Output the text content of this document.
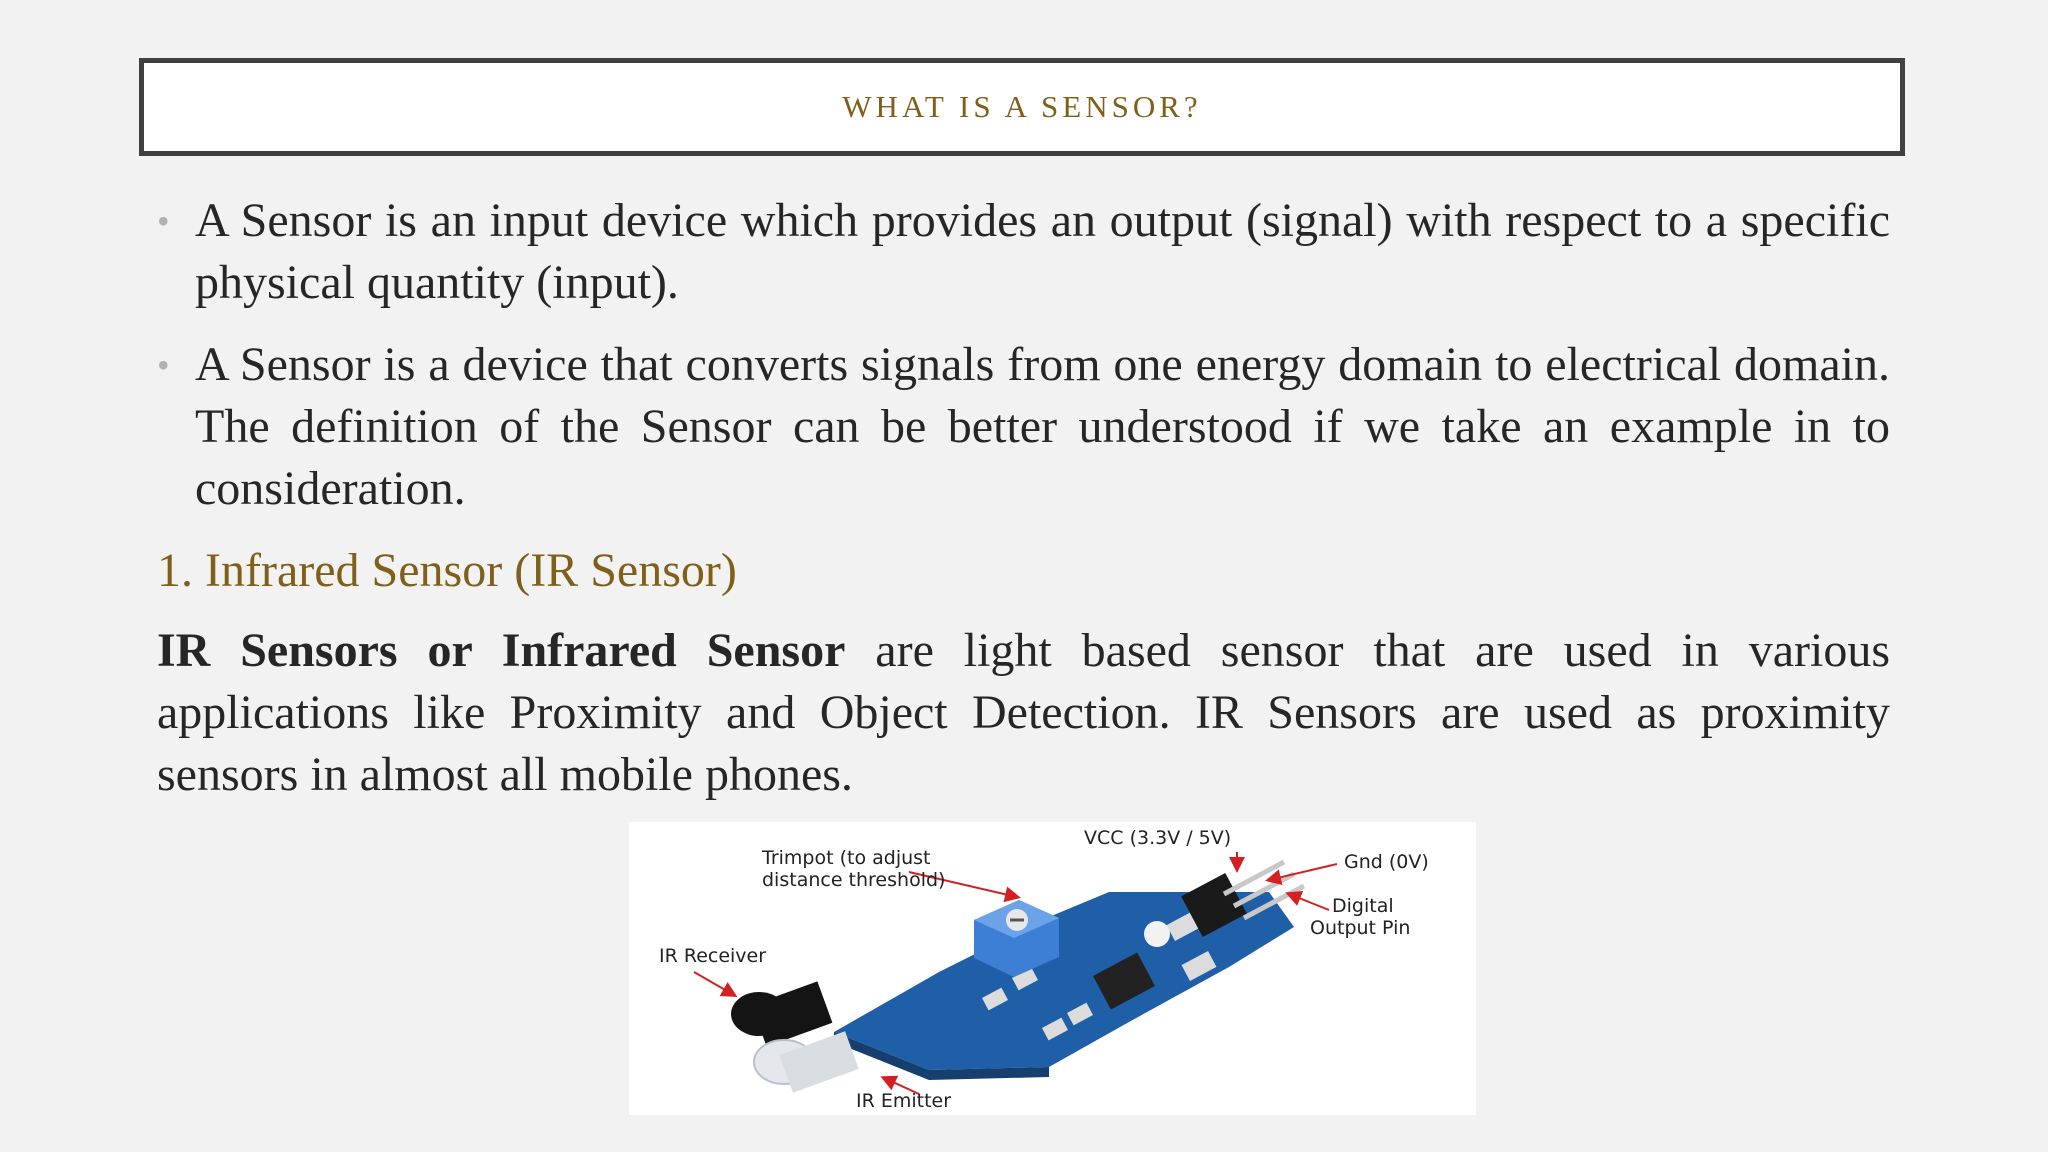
WHAT IS A SENSOR?
• A Sensor is an input device which provides an output (signal) with respect to a specific physical quantity (input).
• A Sensor is a device that converts signals from one energy domain to electrical domain. The definition of the Sensor can be better understood if we take an example in to consideration.
1. Infrared Sensor (IR Sensor)
IR Sensors or Infrared Sensor are light based sensor that are used in various applications like Proximity and Object Detection. IR Sensors are used as proximity sensors in almost all mobile phones.
VCC (3.3V / 5V)
Trimpot (to adjust
distance threshold)
Gnd (0V)
Digital
Output Pin
IR Receiver
IR Emitter
